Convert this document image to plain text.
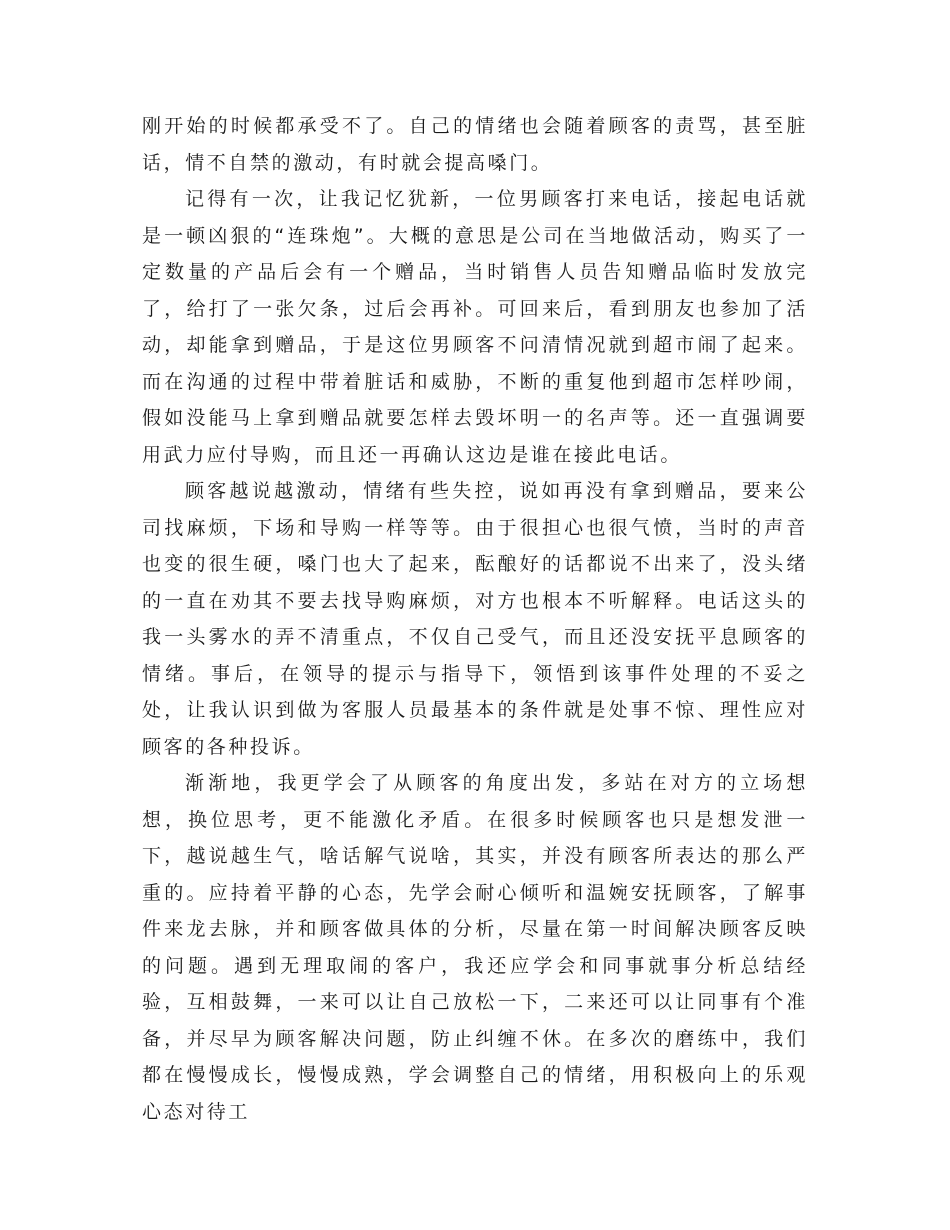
刚开始的时候都承受不了。自己的情绪也会随着顾客的责骂，甚至脏话，情不自禁的激动，有时就会提高嗓门。

记得有一次，让我记忆犹新，一位男顾客打来电话，接起电话就是一顿凶狠的“连珠炮”。大概的意思是公司在当地做活动，购买了一定数量的产品后会有一个赠品，当时销售人员告知赠品临时发放完了，给打了一张欠条，过后会再补。可回来后，看到朋友也参加了活动，却能拿到赠品，于是这位男顾客不问清情况就到超市闹了起来。而在沟通的过程中带着脏话和威胁，不断的重复他到超市怎样吵闹，假如没能马上拿到赠品就要怎样去毁坏明一的名声等。还一直强调要用武力应付导购，而且还一再确认这边是谁在接此电话。

顾客越说越激动，情绪有些失控，说如再没有拿到赠品，要来公司找麻烦，下场和导购一样等等。由于很担心也很气愤，当时的声音也变的很生硬，嗓门也大了起来，酝酿好的话都说不出来了，没头绪的一直在劝其不要去找导购麻烦，对方也根本不听解释。电话这头的我一头雾水的弄不清重点，不仅自己受气，而且还没安抚平息顾客的情绪。事后，在领导的提示与指导下，领悟到该事件处理的不妥之处，让我认识到做为客服人员最基本的条件就是处事不惊、理性应对顾客的各种投诉。

渐渐地，我更学会了从顾客的角度出发，多站在对方的立场想想，换位思考，更不能激化矛盾。在很多时候顾客也只是想发泄一下，越说越生气，啥话解气说啥，其实，并没有顾客所表达的那么严重的。应持着平静的心态，先学会耐心倾听和温婉安抚顾客，了解事件来龙去脉，并和顾客做具体的分析，尽量在第一时间解决顾客反映的问题。遇到无理取闹的客户，我还应学会和同事就事分析总结经验，互相鼓舞，一来可以让自己放松一下，二来还可以让同事有个准备，并尽早为顾客解决问题，防止纠缠不休。在多次的磨练中，我们都在慢慢成长，慢慢成熟，学会调整自己的情绪，用积极向上的乐观心态对待工
